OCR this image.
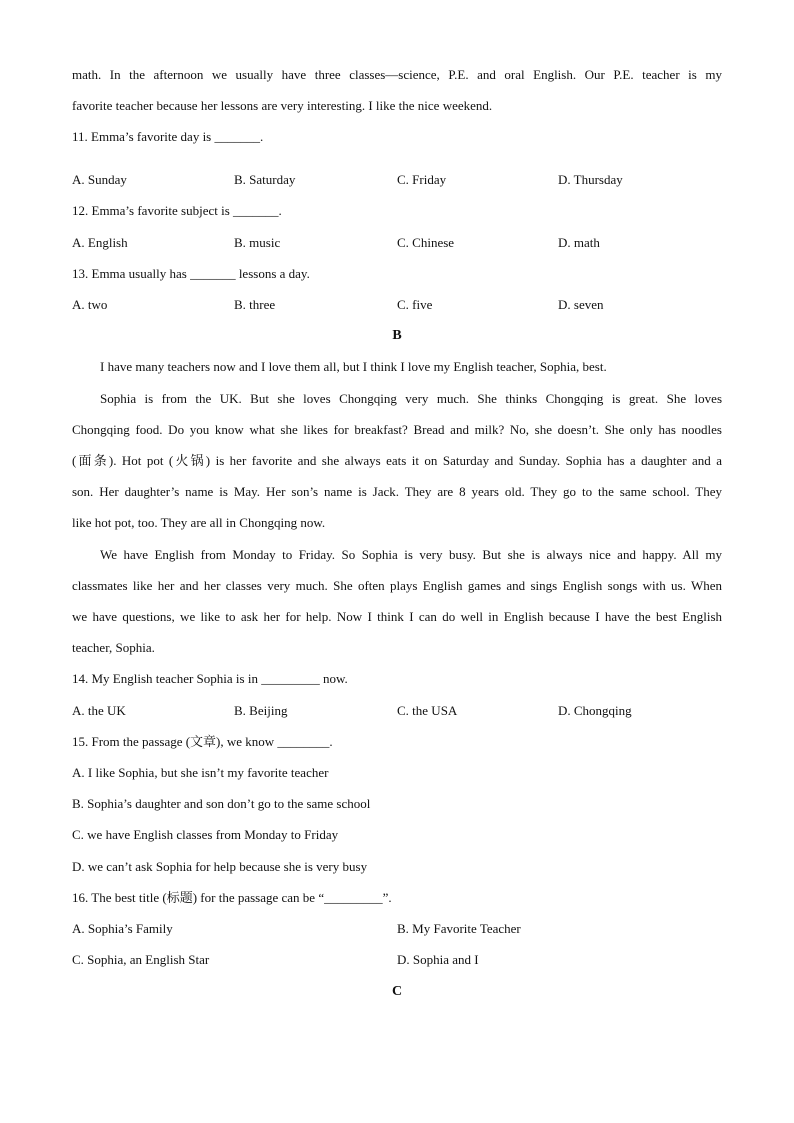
math. In the afternoon we usually have three classes—science, P.E. and oral English. Our P.E. teacher is my
favorite teacher because her lessons are very interesting. I like the nice weekend.
11. Emma’s favorite day is _______.
A. Sunday	B. Saturday	C. Friday	D. Thursday
12. Emma’s favorite subject is _______.
A. English	B. music	C. Chinese	D. math
13. Emma usually has _______ lessons a day.
A. two	B. three	C. five	D. seven
B
I have many teachers now and I love them all, but I think I love my English teacher, Sophia, best.
Sophia is from the UK. But she loves Chongqing very much. She thinks Chongqing is great. She loves
Chongqing food. Do you know what she likes for breakfast? Bread and milk? No, she doesn’t. She only has noodles
(面条). Hot pot (火锅) is her favorite and she always eats it on Saturday and Sunday. Sophia has a daughter and a
son. Her daughter’s name is May. Her son’s name is Jack. They are 8 years old. They go to the same school. They
like hot pot, too. They are all in Chongqing now.
We have English from Monday to Friday. So Sophia is very busy. But she is always nice and happy. All my
classmates like her and her classes very much. She often plays English games and sings English songs with us. When
we have questions, we like to ask her for help. Now I think I can do well in English because I have the best English
teacher, Sophia.
14. My English teacher Sophia is in _________ now.
A. the UK	B. Beijing	C. the USA	D. Chongqing
15. From the passage (文章), we know ________.
A. I like Sophia, but she isn’t my favorite teacher
B. Sophia’s daughter and son don’t go to the same school
C. we have English classes from Monday to Friday
D. we can’t ask Sophia for help because she is very busy
16. The best title (标题) for the passage can be “_________”.
A. Sophia’s Family	B. My Favorite Teacher
C. Sophia, an English Star	D. Sophia and I
C
